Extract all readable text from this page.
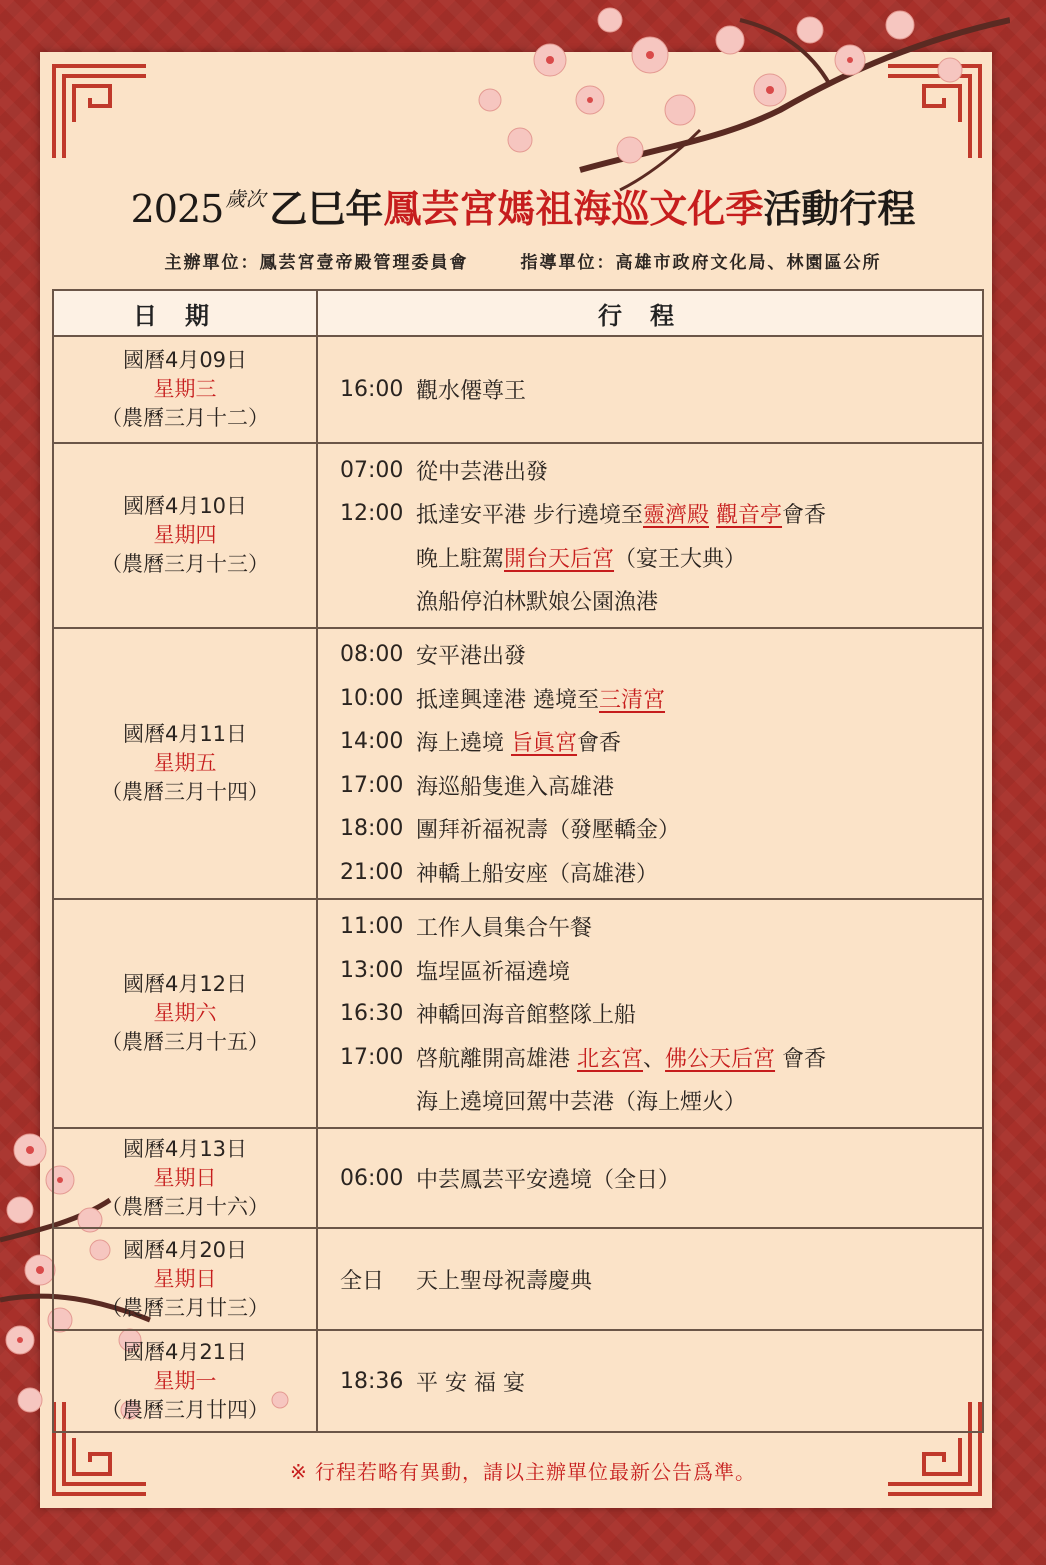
2025 歲次 乙巳年鳳芸宮媽祖海巡文化季活動行程
主辦單位：鳳芸宮壹帝殿管理委員會	指導單位：高雄市政府文化局、林園區公所
日期	行程
國曆4月09日
星期三
（農曆三月十二）
16:00 觀水僊尊王
國曆4月10日
星期四
（農曆三月十三）
07:00 從中芸港出發
12:00 抵達安平港 步行遶境至 靈濟殿
觀音亭 會香
晚上駐駕 開台天后宮 （宴王大典）
漁船停泊林默娘公園漁港
國曆4月11日
星期五
（農曆三月十四）
08:00 安平港出發
10:00 抵達興達港 遶境至 三清宮
14:00 海上遶境 旨眞宮 會香
17:00 海巡船隻進入高雄港
18:00 團拜祈福祝壽（發壓轎金）
21:00 神轎上船安座（高雄港）
國曆4月12日
星期六
（農曆三月十五）
11:00 工作人員集合午餐
13:00 塩埕區祈福遶境
16:30 神轎回海音館整隊上船
17:00 啓航離開高雄港 北玄宮 、 佛公天后宮 會香
海上遶境回駕中芸港（海上煙火）
國曆4月13日
星期日
（農曆三月十六）
06:00 中芸鳳芸平安遶境（全日）
國曆4月20日
星期日
（農曆三月廿三）
全日	天上聖母祝壽慶典
國曆4月21日
星期一
（農曆三月廿四）
18:36 平 安 福 宴
※ 行程若略有異動，請以主辦單位最新公告爲準。
